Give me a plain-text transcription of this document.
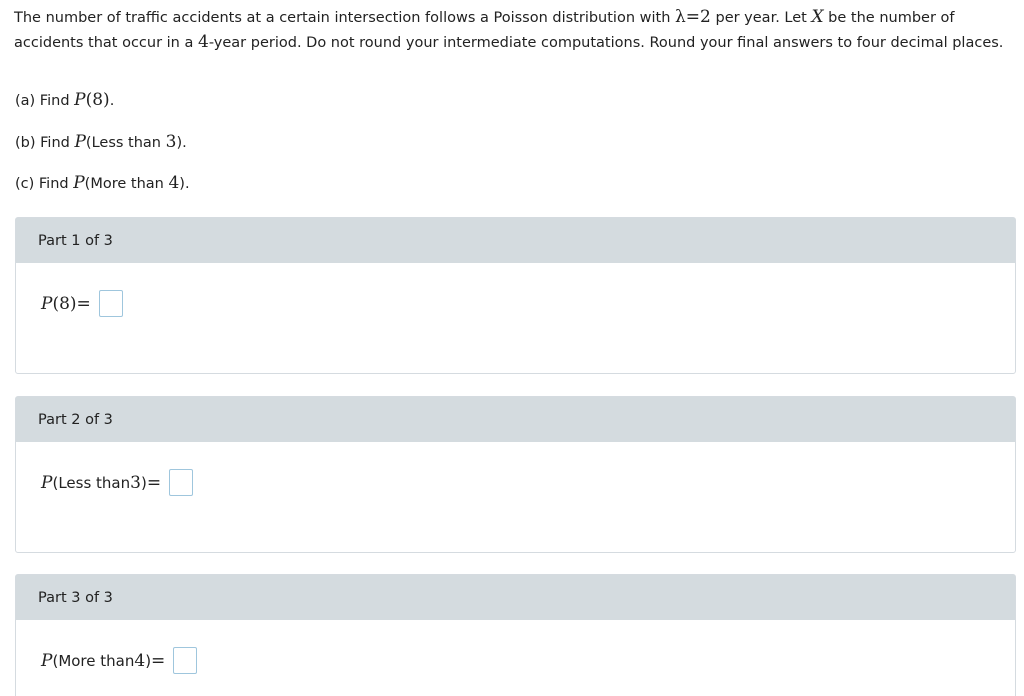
The number of traffic accidents at a certain intersection follows a Poisson distribution with λ=2 per year. Let X be the number of accidents that occur in a 4-year period. Do not round your intermediate computations. Round your final answers to four decimal places.

(a) Find P(8).
(b) Find P(Less than 3).
(c) Find P(More than 4).
Part 1 of 3
P (8) =
Part 2 of 3
P ( Less than 3 ) =
Part 3 of 3
P ( More than 4 ) =
